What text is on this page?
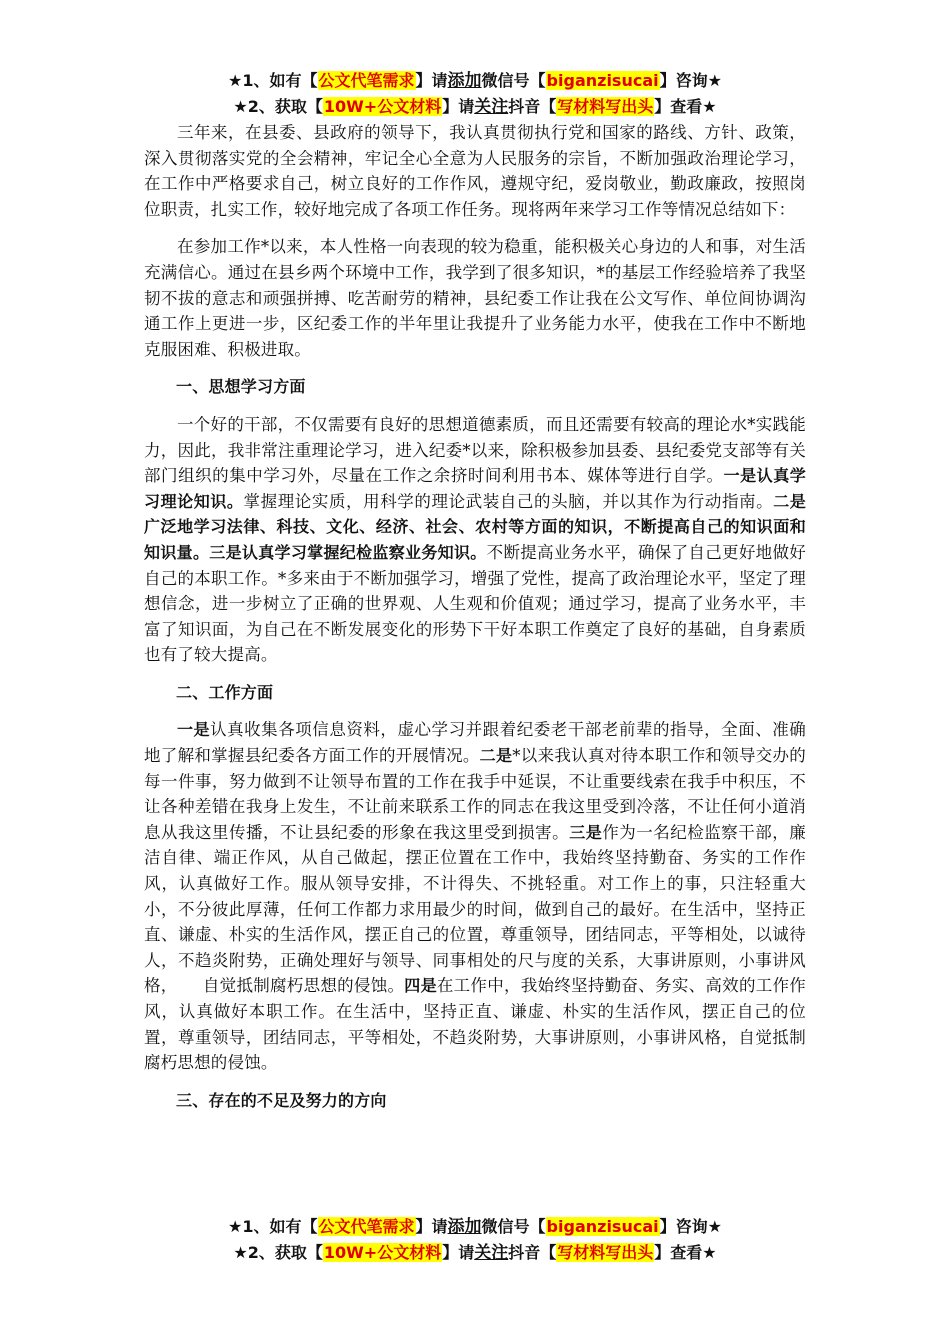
★1、如有【公文代笔需求】请添加微信号【biganzisucai】咨询★
★2、获取【10W+公文材料】请关注抖音【写材料写出头】查看★

三年来，在县委、县政府的领导下，我认真贯彻执行党和国家的路线、方针、政策，深入贯彻落实党的全会精神，牢记全心全意为人民服务的宗旨，不断加强政治理论学习，在工作中严格要求自己，树立良好的工作作风，遵规守纪，爱岗敬业，勤政廉政，按照岗位职责，扎实工作，较好地完成了各项工作任务。现将两年来学习工作等情况总结如下：

在参加工作*以来，本人性格一向表现的较为稳重，能积极关心身边的人和事，对生活充满信心。通过在县乡两个环境中工作，我学到了很多知识，*的基层工作经验培养了我坚韧不拔的意志和顽强拼搏、吃苦耐劳的精神，县纪委工作让我在公文写作、单位间协调沟通工作上更进一步，区纪委工作的半年里让我提升了业务能力水平，使我在工作中不断地克服困难、积极进取。

一、思想学习方面

一个好的干部，不仅需要有良好的思想道德素质，而且还需要有较高的理论水*实践能力，因此，我非常注重理论学习，进入纪委*以来，除积极参加县委、县纪委党支部等有关部门组织的集中学习外，尽量在工作之余挤时间利用书本、媒体等进行自学。一是认真学习理论知识。掌握理论实质，用科学的理论武装自己的头脑，并以其作为行动指南。二是广泛地学习法律、科技、文化、经济、社会、农村等方面的知识，不断提高自己的知识面和知识量。三是认真学习掌握纪检监察业务知识。不断提高业务水平，确保了自己更好地做好自己的本职工作。*多来由于不断加强学习，增强了党性，提高了政治理论水平，坚定了理想信念，进一步树立了正确的世界观、人生观和价值观；通过学习，提高了业务水平，丰富了知识面，为自己在不断发展变化的形势下干好本职工作奠定了良好的基础，自身素质也有了较大提高。

二、工作方面

一是认真收集各项信息资料，虚心学习并跟着纪委老干部老前辈的指导，全面、准确地了解和掌握县纪委各方面工作的开展情况。二是*以来我认真对待本职工作和领导交办的每一件事，努力做到不让领导布置的工作在我手中延误，不让重要线索在我手中积压，不让各种差错在我身上发生，不让前来联系工作的同志在我这里受到冷落，不让任何小道消息从我这里传播，不让县纪委的形象在我这里受到损害。三是作为一名纪检监察干部，廉洁自律、端正作风，从自己做起，摆正位置在工作中，我始终坚持勤奋、务实的工作作风，认真做好工作。服从领导安排，不计得失、不挑轻重。对工作上的事，只注轻重大小，不分彼此厚薄，任何工作都力求用最少的时间，做到自己的最好。在生活中，坚持正直、谦虚、朴实的生活作风，摆正自己的位置，尊重领导，团结同志，平等相处，以诚待人，不趋炎附势，正确处理好与领导、同事相处的尺与度的关系，大事讲原则，小事讲风格，　　自觉抵制腐朽思想的侵蚀。四是在工作中，我始终坚持勤奋、务实、高效的工作作风，认真做好本职工作。在生活中，坚持正直、谦虚、朴实的生活作风，摆正自己的位置，尊重领导，团结同志，平等相处，不趋炎附势，大事讲原则，小事讲风格，自觉抵制腐朽思想的侵蚀。

三、存在的不足及努力的方向

★1、如有【公文代笔需求】请添加微信号【biganzisucai】咨询★
★2、获取【10W+公文材料】请关注抖音【写材料写出头】查看★
